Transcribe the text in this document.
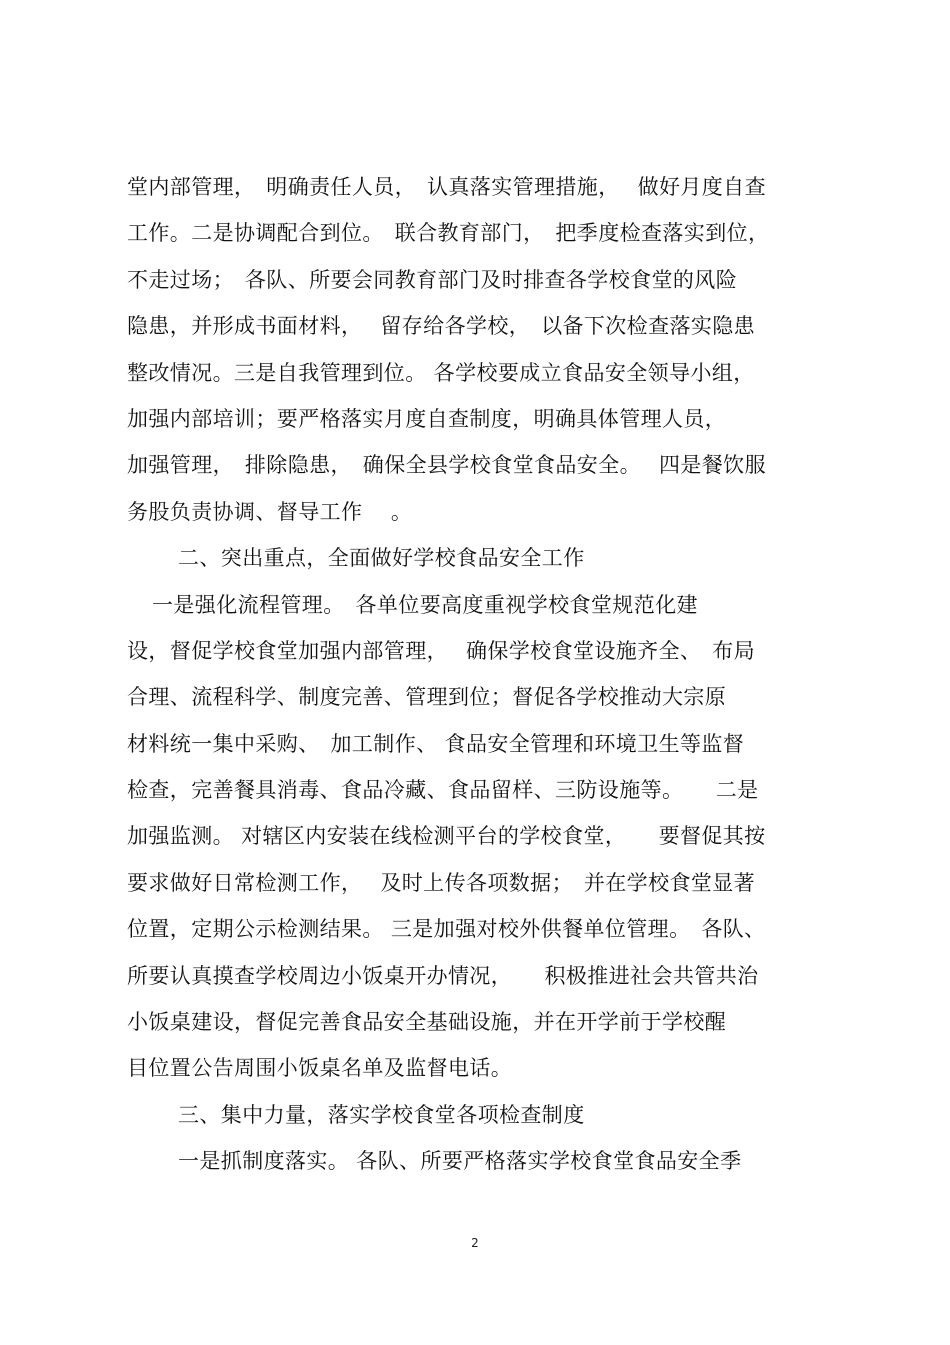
堂内部管理，　明确责任人员，　认真落实管理措施，　 做好月度自查
工作。二是协调配合到位。　联合教育部门，　把季度检查落实到位，
不走过场；　各队、所要会同教育部门及时排查各学校食堂的风险
隐患，并形成书面材料，　 留存给各学校，　以备下次检查落实隐患
整改情况。三是自我管理到位。 各学校要成立食品安全领导小组，
加强内部培训；要严格落实月度自查制度，明确具体管理人员，
加强管理，　排除隐患，　确保全县学校食堂食品安全。　 四是餐饮服
务股负责协调、督导工作　 。
二、突出重点，全面做好学校食品安全工作
一是强化流程管理。　各单位要高度重视学校食堂规范化建
设，督促学校食堂加强内部管理，　 确保学校食堂设施齐全、　布局
合理、流程科学、制度完善、管理到位；督促各学校推动大宗原
材料统一集中采购、　加工制作、 食品安全管理和环境卫生等监督
检查，完善餐具消毒、食品冷藏、食品留样、三防设施等。　　二是
加强监测。 对辖区内安装在线检测平台的学校食堂，　　要督促其按
要求做好日常检测工作，　 及时上传各项数据；　并在学校食堂显著
位置，定期公示检测结果。 三是加强对校外供餐单位管理。　各队、
所要认真摸查学校周边小饭桌开办情况，　　积极推进社会共管共治
小饭桌建设，督促完善食品安全基础设施，并在开学前于学校醒
目位置公告周围小饭桌名单及监督电话。
三、集中力量，落实学校食堂各项检查制度
一是抓制度落实。 各队、所要严格落实学校食堂食品安全季
2
